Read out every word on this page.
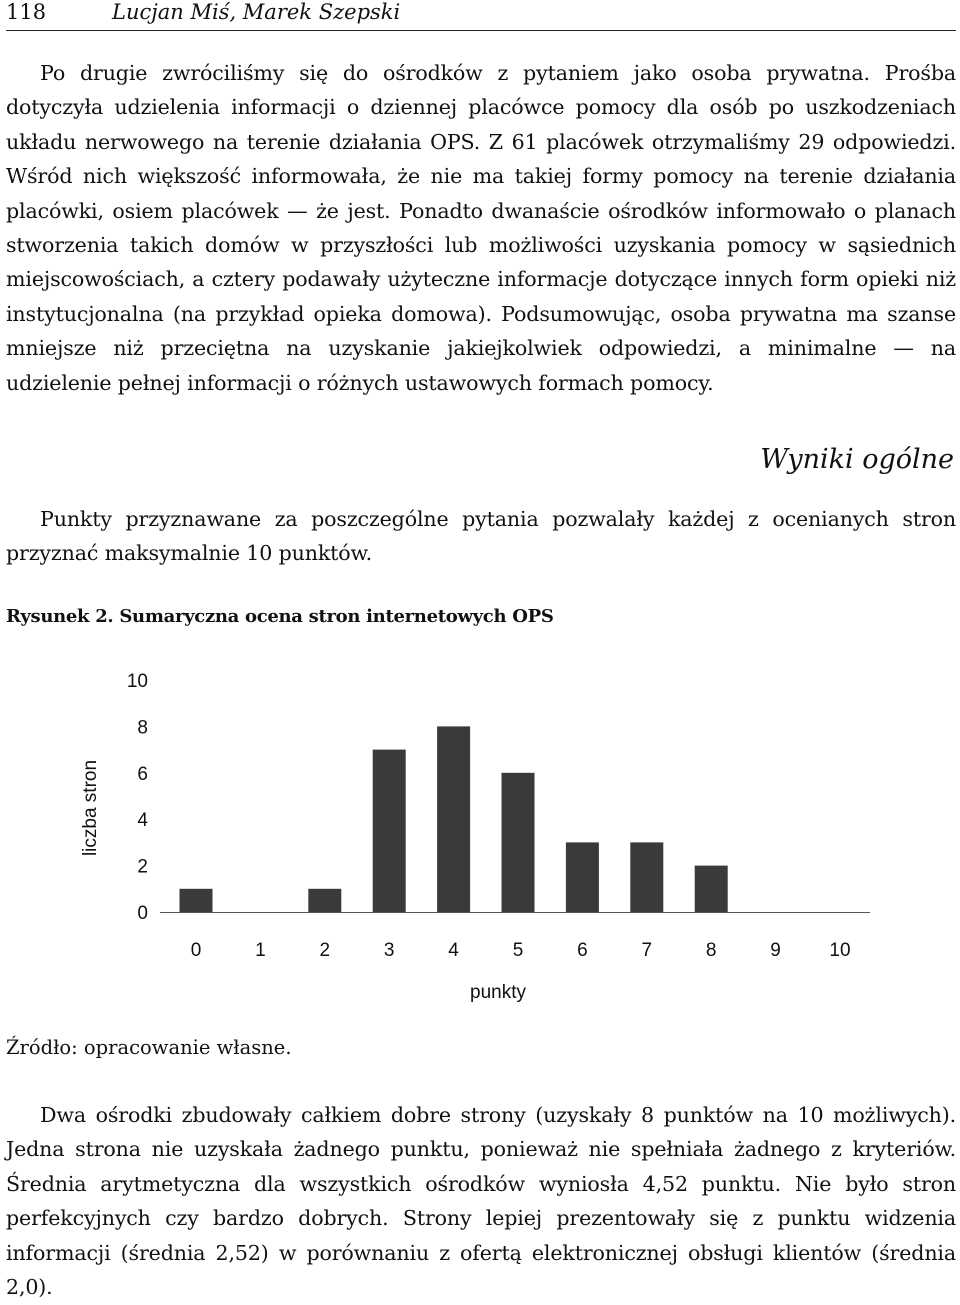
118	Lucjan Miś, Marek Szepski

Po drugie zwróciliśmy się do ośrodków z pytaniem jako osoba prywatna. Prośba dotyczyła udzielenia informacji o dziennej placówce pomocy dla osób po uszkodzeniach układu nerwowego na terenie działania OPS. Z 61 placówek otrzymaliśmy 29 odpowiedzi. Wśród nich większość informowała, że nie ma takiej formy pomocy na terenie działania placówki, osiem placówek — że jest. Ponadto dwanaście ośrodków informowało o planach stworzenia takich domów w przyszłości lub możliwości uzyskania pomocy w sąsiednich miejscowościach, a cztery podawały użyteczne informacje dotyczące innych form opieki niż instytucjonalna (na przykład opieka domowa). Podsumowując, osoba prywatna ma szanse mniejsze niż przeciętna na uzyskanie jakiejkolwiek odpowiedzi, a minimalne — na udzielenie pełnej informacji o różnych ustawowych formach pomocy.

Wyniki ogólne

Punkty przyznawane za poszczególne pytania pozwalały każdej z ocenianych stron przyznać maksymalnie 10 punktów.

Rysunek 2. Sumaryczna ocena stron internetowych OPS
0
2
4
6
8
10
0	1	2	3	4	5	6	7	8	9	10
liczba stron
punkty
Źródło: opracowanie własne.

Dwa ośrodki zbudowały całkiem dobre strony (uzyskały 8 punktów na 10 możliwych). Jedna strona nie uzyskała żadnego punktu, ponieważ nie spełniała żadnego z kryteriów. Średnia arytmetyczna dla wszystkich ośrodków wyniosła 4,52 punktu. Nie było stron perfekcyjnych czy bardzo dobrych. Strony lepiej prezentowały się z punktu widzenia informacji (średnia 2,52) w porównaniu z ofertą elektronicznej obsługi klientów (średnia 2,0).
